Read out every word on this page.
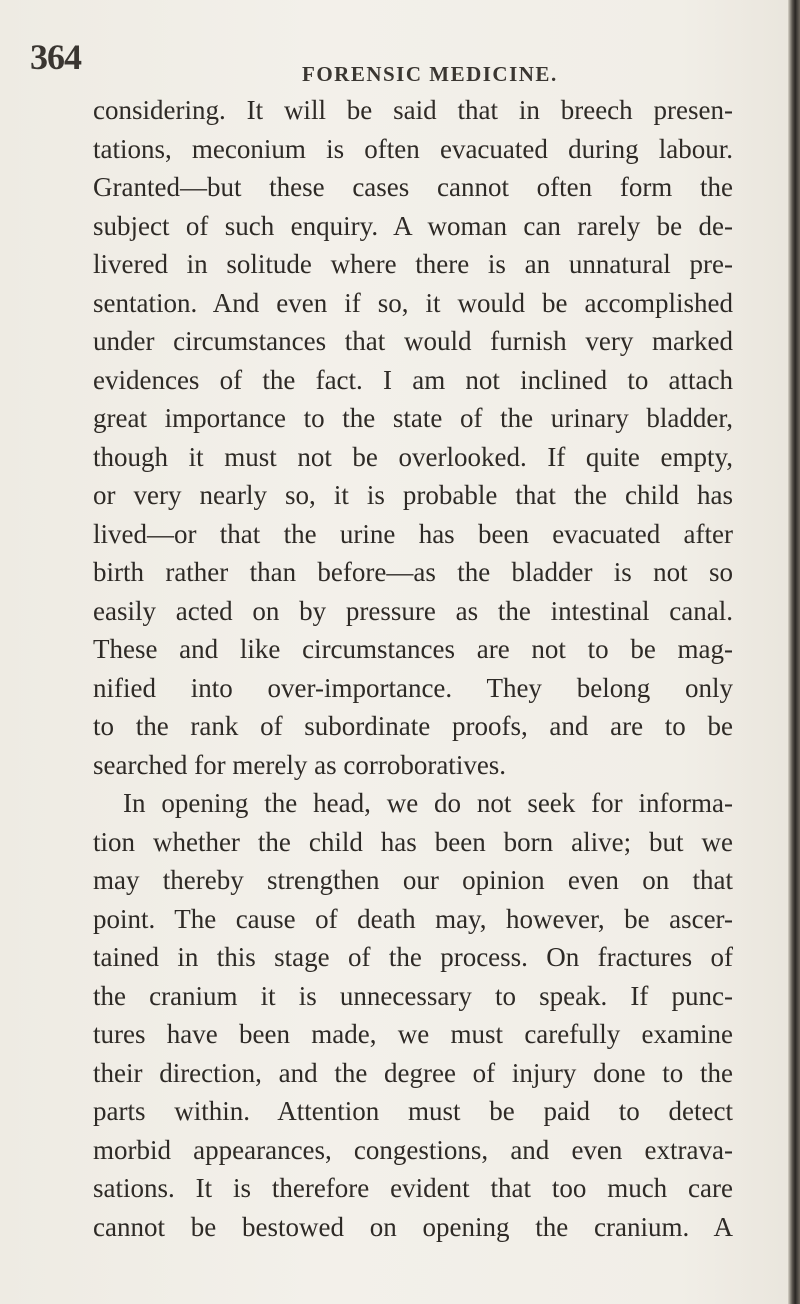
364	FORENSIC MEDICINE.
considering. It will be said that in breech presen-
tations, meconium is often evacuated during labour.
Granted—but these cases cannot often form the
subject of such enquiry. A woman can rarely be de-
livered in solitude where there is an unnatural pre-
sentation. And even if so, it would be accomplished
under circumstances that would furnish very marked
evidences of the fact. I am not inclined to attach
great importance to the state of the urinary bladder,
though it must not be overlooked. If quite empty,
or very nearly so, it is probable that the child has
lived—or that the urine has been evacuated after
birth rather than before—as the bladder is not so
easily acted on by pressure as the intestinal canal.
These and like circumstances are not to be mag-
nified into over-importance. They belong only
to the rank of subordinate proofs, and are to be
searched for merely as corroboratives.
In opening the head, we do not seek for informa-
tion whether the child has been born alive; but we
may thereby strengthen our opinion even on that
point. The cause of death may, however, be ascer-
tained in this stage of the process. On fractures of
the cranium it is unnecessary to speak. If punc-
tures have been made, we must carefully examine
their direction, and the degree of injury done to the
parts within. Attention must be paid to detect
morbid appearances, congestions, and even extrava-
sations. It is therefore evident that too much care
cannot be bestowed on opening the cranium. A
